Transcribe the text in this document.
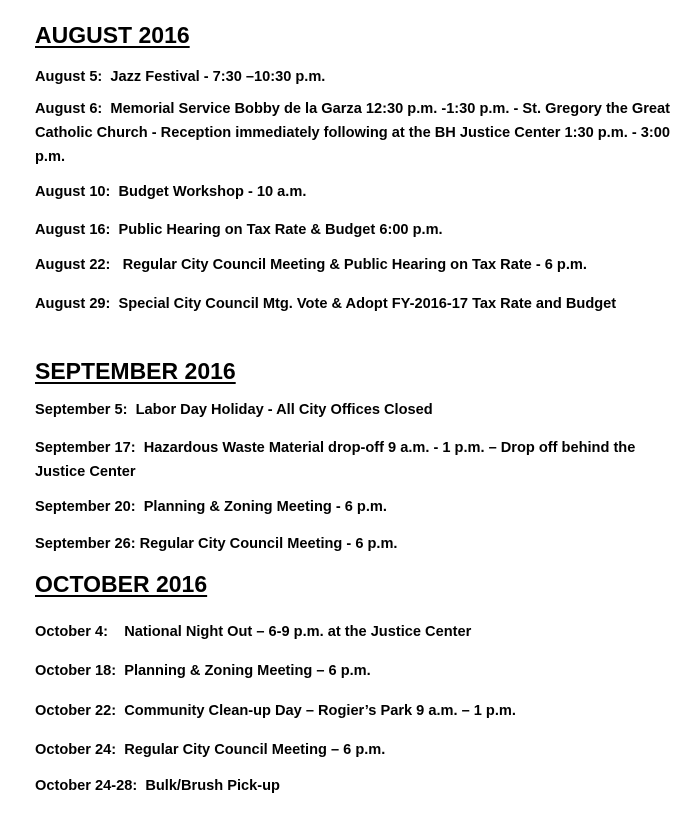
AUGUST 2016

August 5: Jazz Festival - 7:30 –10:30 p.m.

August 6: Memorial Service Bobby de la Garza 12:30 p.m. -1:30 p.m. - St. Gregory the Great Catholic Church - Reception immediately following at the BH Justice Center 1:30 p.m. - 3:00 p.m.

August 10: Budget Workshop - 10 a.m.

August 16: Public Hearing on Tax Rate & Budget 6:00 p.m.

August 22:   Regular City Council Meeting & Public Hearing on Tax Rate - 6 p.m.

August 29: Special City Council Mtg. Vote & Adopt FY-2016-17 Tax Rate and Budget

SEPTEMBER 2016

September 5: Labor Day Holiday - All City Offices Closed

September 17: Hazardous Waste Material drop-off 9 a.m. - 1 p.m. – Drop off behind the Justice Center

September 20: Planning & Zoning Meeting - 6 p.m.

September 26: Regular City Council Meeting - 6 p.m.

OCTOBER 2016

October 4:    National Night Out – 6-9 p.m. at the Justice Center

October 18: Planning & Zoning Meeting – 6 p.m.

October 22: Community Clean-up Day – Rogier’s Park 9 a.m. – 1 p.m.

October 24: Regular City Council Meeting – 6 p.m.

October 24-28: Bulk/Brush Pick-up
